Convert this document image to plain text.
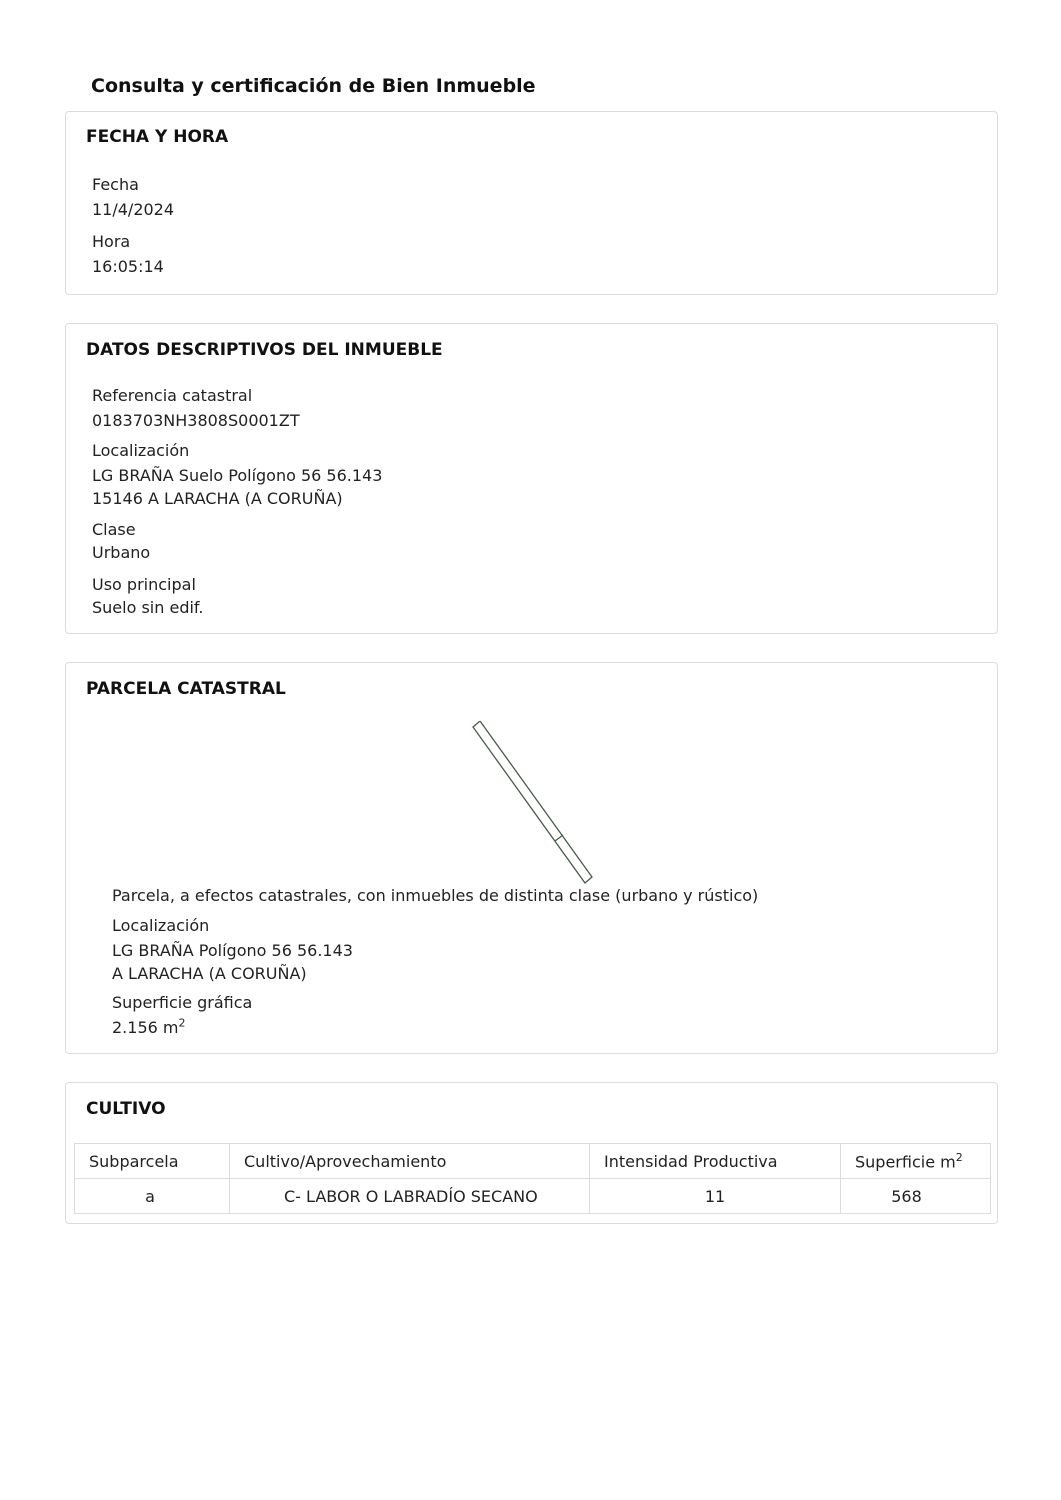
Consulta y certificación de Bien Inmueble
FECHA Y HORA
Fecha
11/4/2024
Hora
16:05:14
DATOS DESCRIPTIVOS DEL INMUEBLE
Referencia catastral
0183703NH3808S0001ZT
Localización
LG BRAÑA Suelo Polígono 56 56.143
15146 A LARACHA (A CORUÑA)
Clase
Urbano
Uso principal
Suelo sin edif.
PARCELA CATASTRAL
Parcela, a efectos catastrales, con inmuebles de distinta clase (urbano y rústico)
Localización
LG BRAÑA Polígono 56 56.143
A LARACHA (A CORUÑA)
Superficie gráfica
2.156 $m^2$
CULTIVO
Subparcela	Cultivo/Aprovechamiento	Intensidad Productiva	Superficie $m^2$
a	C- LABOR O LABRADÍO SECANO	11	568
